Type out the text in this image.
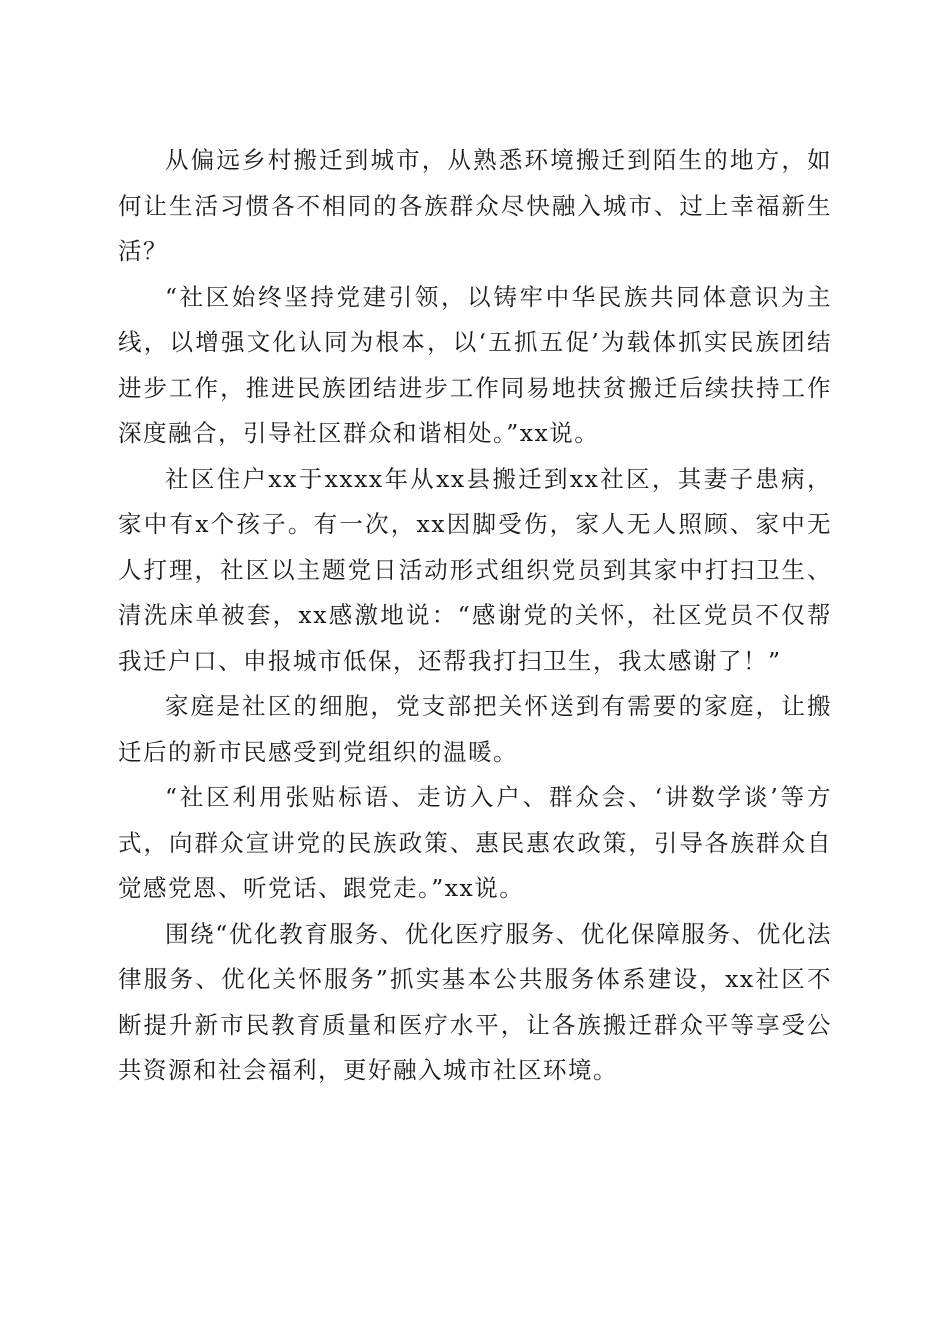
从偏远乡村搬迁到城市，从熟悉环境搬迁到陌生的地方，如何让生活习惯各不相同的各族群众尽快融入城市、过上幸福新生活？

“社区始终坚持党建引领，以铸牢中华民族共同体意识为主线，以增强文化认同为根本，以‘五抓五促’为载体抓实民族团结进步工作，推进民族团结进步工作同易地扶贫搬迁后续扶持工作深度融合，引导社区群众和谐相处。”xx说。

社区住户xx于xxxx年从xx县搬迁到xx社区，其妻子患病，家中有x个孩子。有一次，xx因脚受伤，家人无人照顾、家中无人打理，社区以主题党日活动形式组织党员到其家中打扫卫生、清洗床单被套，xx感激地说：“感谢党的关怀，社区党员不仅帮我迁户口、申报城市低保，还帮我打扫卫生，我太感谢了！”

家庭是社区的细胞，党支部把关怀送到有需要的家庭，让搬迁后的新市民感受到党组织的温暖。

“社区利用张贴标语、走访入户、群众会、‘讲数学谈’等方式，向群众宣讲党的民族政策、惠民惠农政策，引导各族群众自觉感党恩、听党话、跟党走。”xx说。

围绕“优化教育服务、优化医疗服务、优化保障服务、优化法律服务、优化关怀服务”抓实基本公共服务体系建设，xx社区不断提升新市民教育质量和医疗水平，让各族搬迁群众平等享受公共资源和社会福利，更好融入城市社区环境。
